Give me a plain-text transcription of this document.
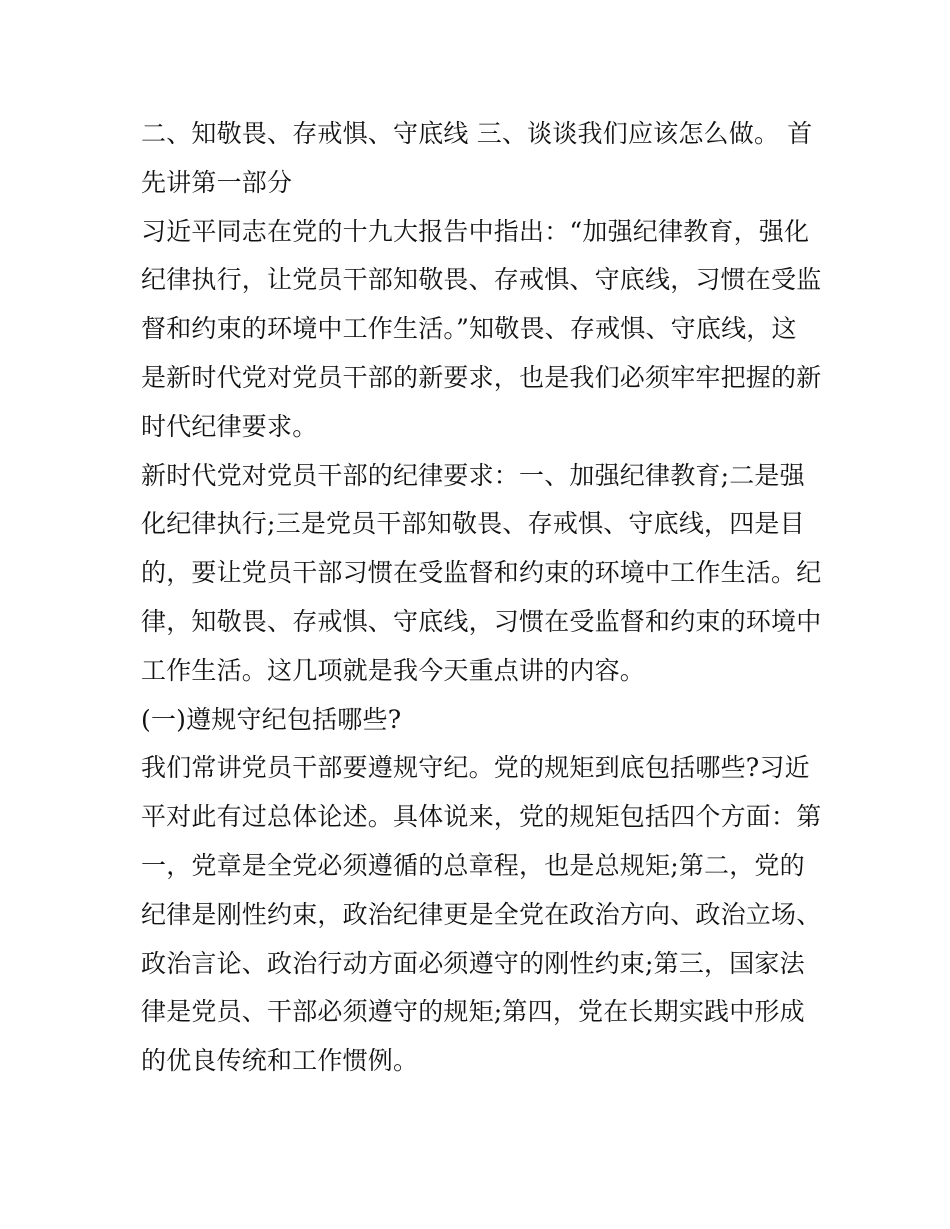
二、知敬畏、存戒惧、守底线 三、谈谈我们应该怎么做。 首
先讲第一部分
习近平同志在党的十九大报告中指出：“加强纪律教育，强化
纪律执行，让党员干部知敬畏、存戒惧、守底线，习惯在受监
督和约束的环境中工作生活。”知敬畏、存戒惧、守底线，这
是新时代党对党员干部的新要求，也是我们必须牢牢把握的新
时代纪律要求。
新时代党对党员干部的纪律要求：一、加强纪律教育;二是强
化纪律执行;三是党员干部知敬畏、存戒惧、守底线，四是目
的，要让党员干部习惯在受监督和约束的环境中工作生活。纪
律，知敬畏、存戒惧、守底线，习惯在受监督和约束的环境中
工作生活。这几项就是我今天重点讲的内容。
(一)遵规守纪包括哪些?
我们常讲党员干部要遵规守纪。党的规矩到底包括哪些?习近
平对此有过总体论述。具体说来，党的规矩包括四个方面：第
一，党章是全党必须遵循的总章程，也是总规矩;第二，党的
纪律是刚性约束，政治纪律更是全党在政治方向、政治立场、
政治言论、政治行动方面必须遵守的刚性约束;第三，国家法
律是党员、干部必须遵守的规矩;第四，党在长期实践中形成
的优良传统和工作惯例。
